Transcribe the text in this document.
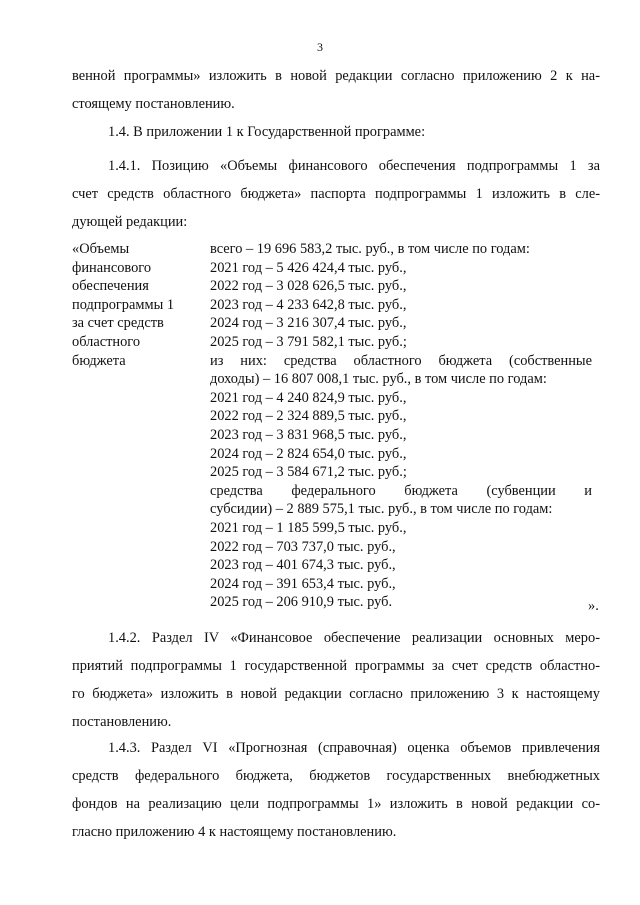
3
венной программы» изложить в новой редакции согласно приложению 2 к на-
стоящему постановлению.
1.4. В приложении 1 к Государственной программе:
1.4.1. Позицию «Объемы финансового обеспечения подпрограммы 1 за
счет средств областного бюджета» паспорта подпрограммы 1 изложить в сле-
дующей редакции:
«Объемы
финансового
обеспечения
подпрограммы 1
за счет средств
областного
бюджета
всего – 19 696 583,2 тыс. руб., в том числе по годам:
2021 год – 5 426 424,4 тыс. руб.,
2022 год – 3 028 626,5 тыс. руб.,
2023 год – 4 233 642,8 тыс. руб.,
2024 год – 3 216 307,4 тыс. руб.,
2025 год – 3 791 582,1 тыс. руб.;
из них: средства областного бюджета (собственные
доходы) – 16 807 008,1 тыс. руб., в том числе по годам:
2021 год – 4 240 824,9 тыс. руб.,
2022 год – 2 324 889,5 тыс. руб.,
2023 год – 3 831 968,5 тыс. руб.,
2024 год – 2 824 654,0 тыс. руб.,
2025 год – 3 584 671,2 тыс. руб.;
средства федерального бюджета (субвенции и
субсидии) – 2 889 575,1 тыс. руб., в том числе по годам:
2021 год – 1 185 599,5 тыс. руб.,
2022 год – 703 737,0 тыс. руб.,
2023 год – 401 674,3 тыс. руб.,
2024 год – 391 653,4 тыс. руб.,
2025 год – 206 910,9 тыс. руб.	».
1.4.2. Раздел IV «Финансовое обеспечение реализации основных меро-
приятий подпрограммы 1 государственной программы за счет средств областно-
го бюджета» изложить в новой редакции согласно приложению 3 к настоящему
постановлению.
1.4.3. Раздел VI «Прогнозная (справочная) оценка объемов привлечения
средств федерального бюджета, бюджетов государственных внебюджетных
фондов на реализацию цели подпрограммы 1» изложить в новой редакции со-
гласно приложению 4 к настоящему постановлению.
